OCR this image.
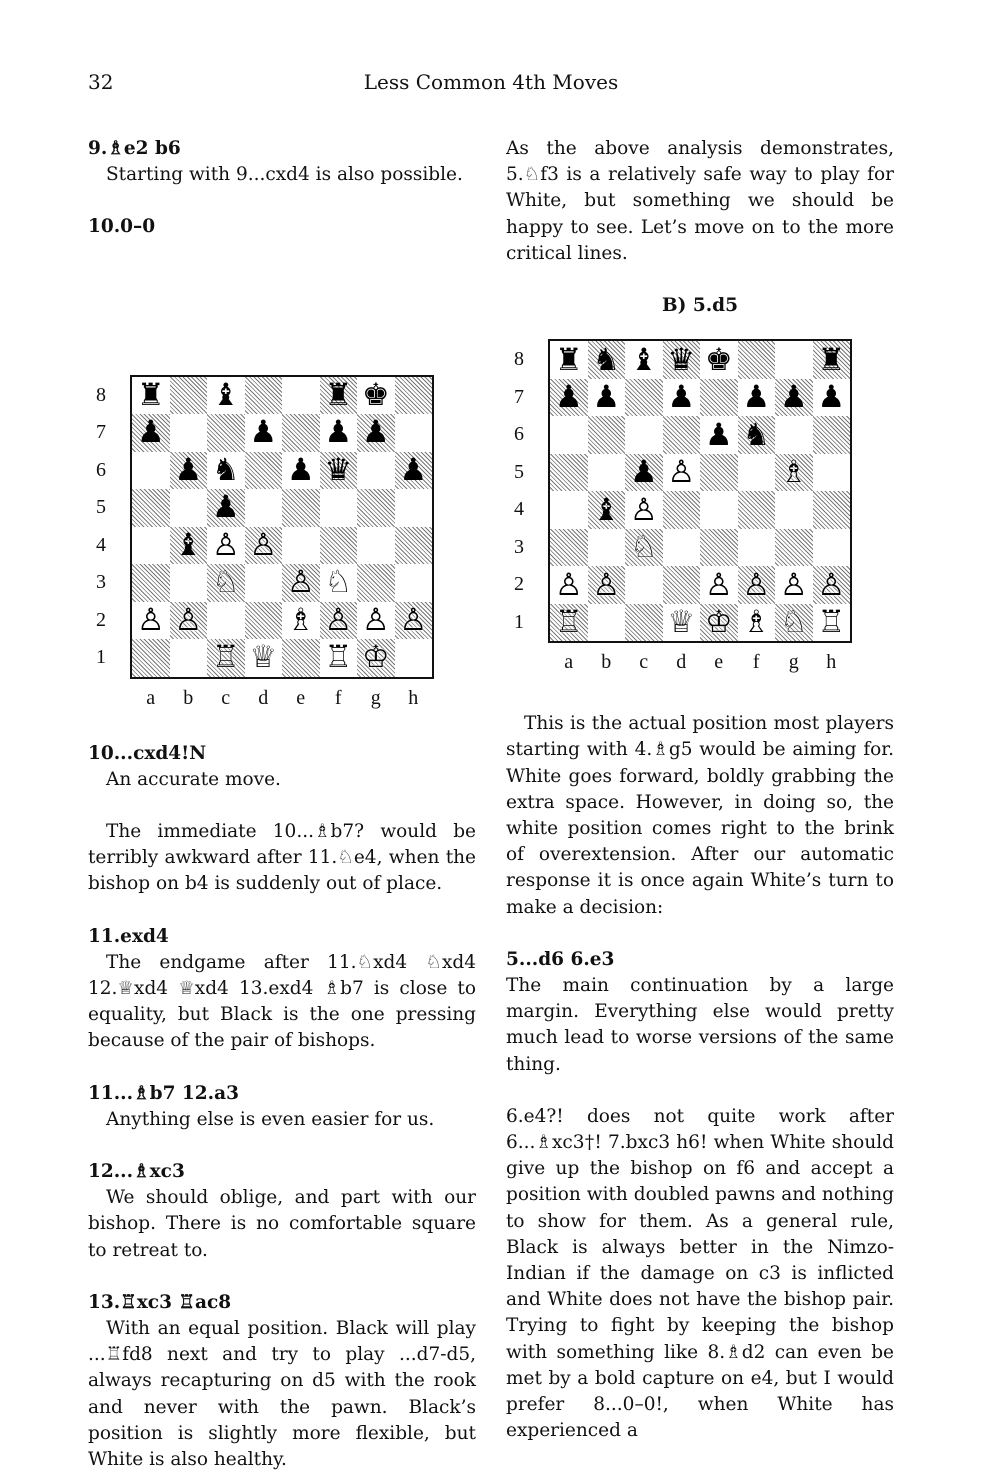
32	Less Common 4th Moves

9.♗e2 b6

Starting with 9...cxd4 is also possible.

10.0–0

8
7
6
5
4
3
2
1
♜ ♝	♜ ♚
♟	♟ ♟ ♟
♟ ♞ ♟ ♛ ♟
♟
♝ ♙ ♙
♘ ♙ ♘
♙ ♙	♗ ♙ ♙ ♙
♖ ♕ ♖ ♔
a	b	c	d	e	f	g	h

10...cxd4!N

An accurate move.

The immediate 10...♗b7? would be terribly awkward after 11.♘e4, when the bishop on b4 is suddenly out of place.

11.exd4

The endgame after 11.♘xd4 ♘xd4 12.♕xd4 ♕xd4 13.exd4 ♗b7 is close to equality, but Black is the one pressing because of the pair of bishops.

11...♗b7 12.a3

Anything else is even easier for us.

12...♗xc3

We should oblige, and part with our bishop. There is no comfortable square to retreat to.

13.♖xc3 ♖ac8

With an equal position. Black will play ...♖fd8 next and try to play ...d7-d5, always recapturing on d5 with the rook and never with the pawn. Black’s position is slightly more flexible, but White is also healthy.

As the above analysis demonstrates, 5.♘f3 is a relatively safe way to play for White, but something we should be happy to see. Let’s move on to the more critical lines.

B) 5.d5

8
7
6
5
4
3
2
1
♜ ♞ ♝ ♛ ♚	♜
♟ ♟ ♟ ♟ ♟ ♟
♟ ♞
♟ ♙	♗
♝ ♙
♘
♙ ♙	♙ ♙ ♙ ♙
♖	♕ ♔ ♗ ♘ ♖
a	b	c	d	e	f	g	h

This is the actual position most players starting with 4.♗g5 would be aiming for. White goes forward, boldly grabbing the extra space. However, in doing so, the white position comes right to the brink of overextension. After our automatic response it is once again White’s turn to make a decision:

5...d6 6.e3

The main continuation by a large margin. Everything else would pretty much lead to worse versions of the same thing.

6.e4?! does not quite work after 6...♗xc3†! 7.bxc3 h6! when White should give up the bishop on f6 and accept a position with doubled pawns and nothing to show for them. As a general rule, Black is always better in the Nimzo-Indian if the damage on c3 is inflicted and White does not have the bishop pair. Trying to fight by keeping the bishop with something like 8.♗d2 can even be met by a bold capture on e4, but I would prefer 8...0–0!, when White has experienced a
